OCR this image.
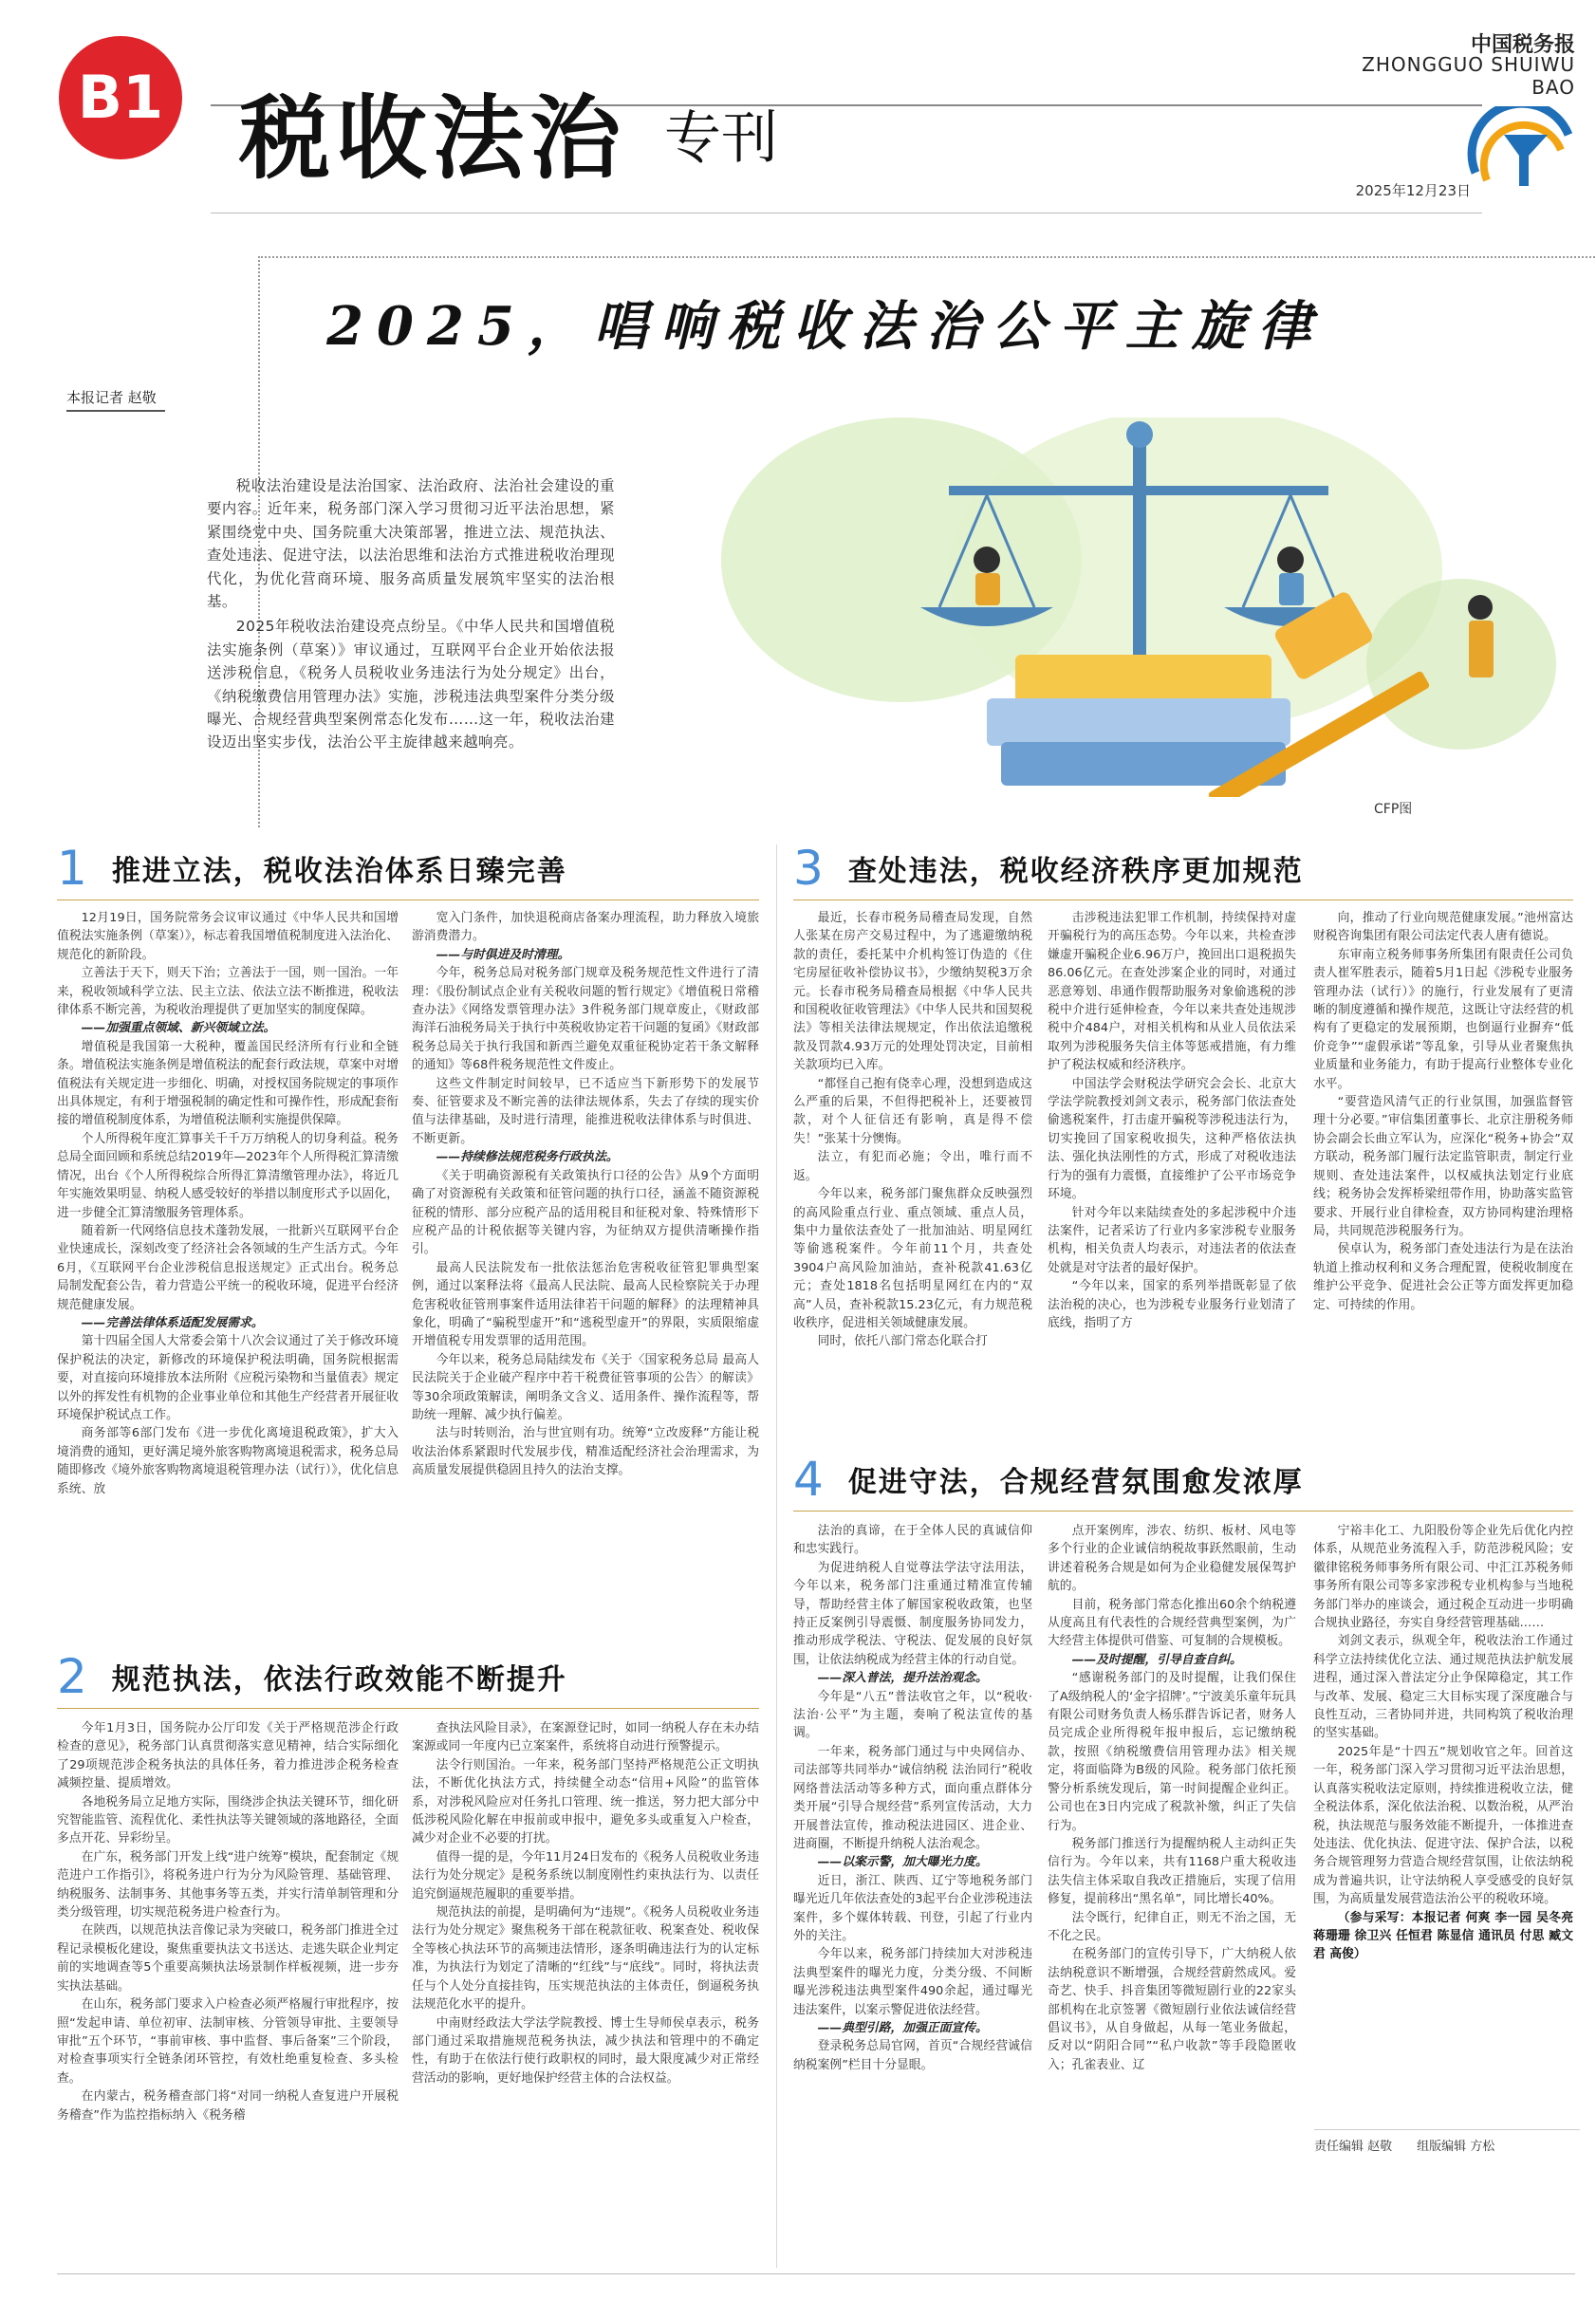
B1 税收法治 专刊
中国税务报
ZHONGGUO SHUIWU BAO
2025年12月23日
2025，唱响税收法治公平主旋律
本报记者 赵敬

税收法治建设是法治国家、法治政府、法治社会建设的重要内容。近年来，税务部门深入学习贯彻习近平法治思想，紧紧围绕党中央、国务院重大决策部署，推进立法、规范执法、查处违法、促进守法，以法治思维和法治方式推进税收治理现代化，为优化营商环境、服务高质量发展筑牢坚实的法治根基。

2025年税收法治建设亮点纷呈。《中华人民共和国增值税法实施条例（草案）》审议通过，互联网平台企业开始依法报送涉税信息，《税务人员税收业务违法行为处分规定》出台，《纳税缴费信用管理办法》实施，涉税违法典型案件分类分级曝光、合规经营典型案例常态化发布……这一年，税收法治建设迈出坚实步伐，法治公平主旋律越来越响亮。

CFP图
1 推进立法，税收法治体系日臻完善
2 规范执法，依法行政效能不断提升
3 查处违法，税收经济秩序更加规范
4 促进守法，合规经营氛围愈发浓厚

12月19日，国务院常务会议审议通过《中华人民共和国增值税法实施条例（草案）》，标志着我国增值税制度进入法治化、规范化的新阶段。

立善法于天下，则天下治；立善法于一国，则一国治。一年来，税收领域科学立法、民主立法、依法立法不断推进，税收法律体系不断完善，为税收治理提供了更加坚实的制度保障。

——加强重点领域、新兴领域立法。

增值税是我国第一大税种，覆盖国民经济所有行业和全链条。增值税法实施条例是增值税法的配套行政法规，草案中对增值税法有关规定进一步细化、明确，对授权国务院规定的事项作出具体规定，有利于增强税制的确定性和可操作性，形成配套衔接的增值税制度体系，为增值税法顺利实施提供保障。

个人所得税年度汇算事关千千万万纳税人的切身利益。税务总局全面回顾和系统总结2019年—2023年个人所得税汇算清缴情况，出台《个人所得税综合所得汇算清缴管理办法》，将近几年实施效果明显、纳税人感受较好的举措以制度形式予以固化，进一步健全汇算清缴服务管理体系。

随着新一代网络信息技术蓬勃发展，一批新兴互联网平台企业快速成长，深刻改变了经济社会各领域的生产生活方式。今年6月，《互联网平台企业涉税信息报送规定》正式出台。税务总局制发配套公告，着力营造公平统一的税收环境，促进平台经济规范健康发展。

——完善法律体系适配发展需求。

第十四届全国人大常委会第十八次会议通过了关于修改环境保护税法的决定，新修改的环境保护税法明确，国务院根据需要，对直接向环境排放本法所附《应税污染物和当量值表》规定以外的挥发性有机物的企业事业单位和其他生产经营者开展征收环境保护税试点工作。

商务部等6部门发布《进一步优化离境退税政策》，扩大入境消费的通知，更好满足境外旅客购物离境退税需求，税务总局随即修改《境外旅客购物离境退税管理办法（试行）》，优化信息系统、放

宽入门条件，加快退税商店备案办理流程，助力释放入境旅游消费潜力。

——与时俱进及时清理。

今年，税务总局对税务部门规章及税务规范性文件进行了清理：《股份制试点企业有关税收问题的暂行规定》《增值税日常稽查办法》《网络发票管理办法》3件税务部门规章废止，《财政部海洋石油税务局关于执行中英税收协定若干问题的复函》《财政部税务总局关于执行我国和新西兰避免双重征税协定若干条文解释的通知》等68件税务规范性文件废止。

这些文件制定时间较早，已不适应当下新形势下的发展节奏、征管要求及不断完善的法律法规体系，失去了存续的现实价值与法律基础，及时进行清理，能推进税收法律体系与时俱进、不断更新。

——持续修法规范税务行政执法。

《关于明确资源税有关政策执行口径的公告》从9个方面明确了对资源税有关政策和征管问题的执行口径，涵盖不随资源税征税的情形、部分应税产品的适用税目和征税对象、特殊情形下应税产品的计税依据等关键内容，为征纳双方提供清晰操作指引。

最高人民法院发布一批依法惩治危害税收征管犯罪典型案例，通过以案释法将《最高人民法院、最高人民检察院关于办理危害税收征管刑事案件适用法律若干问题的解释》的法理精神具象化，明确了“骗税型虚开”和“逃税型虚开”的界限，实质限缩虚开增值税专用发票罪的适用范围。

今年以来，税务总局陆续发布《关于〈国家税务总局 最高人民法院关于企业破产程序中若干税费征管事项的公告〉的解读》等30余项政策解读，阐明条文含义、适用条件、操作流程等，帮助统一理解、减少执行偏差。

法与时转则治，治与世宜则有功。统筹“立改废释”方能让税收法治体系紧跟时代发展步伐，精准适配经济社会治理需求，为高质量发展提供稳固且持久的法治支撑。

今年1月3日，国务院办公厅印发《关于严格规范涉企行政检查的意见》，税务部门认真贯彻落实意见精神，结合实际细化了29项规范涉企税务执法的具体任务，着力推进涉企税务检查减频控量、提质增效。

各地税务局立足地方实际，围绕涉企执法关键环节，细化研究智能监管、流程优化、柔性执法等关键领域的落地路径，全面多点开花、异彩纷呈。

在广东，税务部门开发上线“进户统筹”模块，配套制定《规范进户工作指引》，将税务进户行为分为风险管理、基础管理、纳税服务、法制事务、其他事务等五类，并实行清单制管理和分类分级管理，切实规范税务进户检查行为。

在陕西，以规范执法音像记录为突破口，税务部门推进全过程记录模板化建设，聚焦重要执法文书送达、走逃失联企业判定前的实地调查等5个重要高频执法场景制作样板视频，进一步夯实执法基础。

在山东，税务部门要求入户检查必须严格履行审批程序，按照“发起申请、单位初审、法制审核、分管领导审批、主要领导审批”五个环节，“事前审核、事中监督、事后备案”三个阶段，对检查事项实行全链条闭环管控，有效杜绝重复检查、多头检查。

在内蒙古，税务稽查部门将“对同一纳税人查复进户开展税务稽查”作为监控指标纳入《税务稽

查执法风险目录》，在案源登记时，如同一纳税人存在未办结案源或同一年度内已立案案件，系统将自动进行预警提示。

法令行则国治。一年来，税务部门坚持严格规范公正文明执法，不断优化执法方式，持续健全动态“信用+风险”的监管体系，对涉税风险应对任务扎口管理、统一推送，努力把大部分中低涉税风险化解在申报前或申报中，避免多头或重复入户检查，减少对企业不必要的打扰。

值得一提的是，今年11月24日发布的《税务人员税收业务违法行为处分规定》是税务系统以制度刚性约束执法行为、以责任追究倒逼规范履职的重要举措。

规范执法的前提，是明确何为“违规”。《税务人员税收业务违法行为处分规定》聚焦税务干部在税款征收、税案查处、税收保全等核心执法环节的高频违法情形，逐条明确违法行为的认定标准，为执法行为划定了清晰的“红线”与“底线”。同时，将执法责任与个人处分直接挂钩，压实规范执法的主体责任，倒逼税务执法规范化水平的提升。

中南财经政法大学法学院教授、博士生导师侯卓表示，税务部门通过采取措施规范税务执法，减少执法和管理中的不确定性，有助于在依法行使行政职权的同时，最大限度减少对正常经营活动的影响，更好地保护经营主体的合法权益。

最近，长春市税务局稽查局发现，自然人张某在房产交易过程中，为了逃避缴纳税款的责任，委托某中介机构签订伪造的《住宅房屋征收补偿协议书》，少缴纳契税3万余元。长春市税务局稽查局根据《中华人民共和国税收征收管理法》《中华人民共和国契税法》等相关法律法规规定，作出依法追缴税款及罚款4.93万元的处理处罚决定，目前相关款项均已入库。

“都怪自己抱有侥幸心理，没想到造成这么严重的后果，不但得把税补上，还要被罚款，对个人征信还有影响，真是得不偿失！”张某十分懊悔。

法立，有犯而必施；令出，唯行而不返。

今年以来，税务部门聚焦群众反映强烈的高风险重点行业、重点领域、重点人员，集中力量依法查处了一批加油站、明星网红等偷逃税案件。今年前11个月，共查处3904户高风险加油站，查补税款41.63亿元；查处1818名包括明星网红在内的“双高”人员，查补税款15.23亿元，有力规范税收秩序，促进相关领域健康发展。

同时，依托八部门常态化联合打

击涉税违法犯罪工作机制，持续保持对虚开骗税行为的高压态势。今年以来，共检查涉嫌虚开骗税企业6.96万户，挽回出口退税损失86.06亿元。在查处涉案企业的同时，对通过恶意筹划、串通作假帮助服务对象偷逃税的涉税中介进行延伸检查，今年以来共查处违规涉税中介484户，对相关机构和从业人员依法采取列为涉税服务失信主体等惩戒措施，有力维护了税法权威和经济秩序。

中国法学会财税法学研究会会长、北京大学法学院教授刘剑文表示，税务部门依法查处偷逃税案件，打击虚开骗税等涉税违法行为，切实挽回了国家税收损失，这种严格依法执法、强化执法刚性的方式，形成了对税收违法行为的强有力震慑，直接维护了公平市场竞争环境。

针对今年以来陆续查处的多起涉税中介违法案件，记者采访了行业内多家涉税专业服务机构，相关负责人均表示，对违法者的依法查处就是对守法者的最好保护。

“今年以来，国家的系列举措既彰显了依法治税的决心，也为涉税专业服务行业划清了底线，指明了方

向，推动了行业向规范健康发展。”池州富达财税咨询集团有限公司法定代表人唐有德说。

东审南立税务师事务所集团有限责任公司负责人崔军胜表示，随着5月1日起《涉税专业服务管理办法（试行）》的施行，行业发展有了更清晰的制度遵循和操作规范，这既让守法经营的机构有了更稳定的发展预期，也倒逼行业摒弃“低价竞争”“虚假承诺”等乱象，引导从业者聚焦执业质量和业务能力，有助于提高行业整体专业化水平。

“要营造风清气正的行业氛围，加强监督管理十分必要。”审信集团董事长、北京注册税务师协会副会长曲立军认为，应深化“税务+协会”双方联动，税务部门履行法定监管职责，制定行业规则、查处违法案件，以权威执法划定行业底线；税务协会发挥桥梁纽带作用，协助落实监管要求、开展行业自律检查，双方协同构建治理格局，共同规范涉税服务行为。

侯卓认为，税务部门查处违法行为是在法治轨道上推动权利和义务合理配置，使税收制度在维护公平竞争、促进社会公正等方面发挥更加稳定、可持续的作用。

法治的真谛，在于全体人民的真诚信仰和忠实践行。

为促进纳税人自觉尊法学法守法用法，今年以来，税务部门注重通过精准宣传辅导，帮助经营主体了解国家税收政策，也坚持正反案例引导震慑、制度服务协同发力，推动形成学税法、守税法、促发展的良好氛围，让依法纳税成为经营主体的行动自觉。

——深入普法，提升法治观念。

今年是“八五”普法收官之年，以“税收·法治·公平”为主题，奏响了税法宣传的基调。

一年来，税务部门通过与中央网信办、司法部等共同举办“诚信纳税 法治同行”税收网络普法活动等多种方式，面向重点群体分类开展“引导合规经营”系列宣传活动，大力开展普法宣传，推动税法进园区、进企业、进商圈，不断提升纳税人法治观念。

——以案示警，加大曝光力度。

近日，浙江、陕西、辽宁等地税务部门曝光近几年依法查处的3起平台企业涉税违法案件，多个媒体转载、刊登，引起了行业内外的关注。

今年以来，税务部门持续加大对涉税违法典型案件的曝光力度，分类分级、不间断曝光涉税违法典型案件490余起，通过曝光违法案件，以案示警促进依法经营。

——典型引路，加强正面宣传。

登录税务总局官网，首页“合规经营诚信纳税案例”栏目十分显眼。

点开案例库，涉农、纺织、板材、风电等多个行业的企业诚信纳税故事跃然眼前，生动讲述着税务合规是如何为企业稳健发展保驾护航的。

目前，税务部门常态化推出60余个纳税遵从度高且有代表性的合规经营典型案例，为广大经营主体提供可借鉴、可复制的合规模板。

——及时提醒，引导自查自纠。

“感谢税务部门的及时提醒，让我们保住了A级纳税人的‘金字招牌’。”宁波美乐童年玩具有限公司财务负责人杨乐群告诉记者，财务人员完成企业所得税年报申报后，忘记缴纳税款，按照《纳税缴费信用管理办法》相关规定，将面临降为B级的风险。税务部门依托预警分析系统发现后，第一时间提醒企业纠正。公司也在3日内完成了税款补缴，纠正了失信行为。

税务部门推送行为提醒纳税人主动纠正失信行为。今年以来，共有1168户重大税收违法失信主体采取自我改正措施后，实现了信用修复，提前移出“黑名单”，同比增长40%。

法令既行，纪律自正，则无不治之国，无不化之民。

在税务部门的宣传引导下，广大纳税人依法纳税意识不断增强，合规经营蔚然成风。爱奇艺、快手、抖音集团等微短剧行业的22家头部机构在北京签署《微短剧行业依法诚信经营倡议书》，从自身做起，从每一笔业务做起，反对以“阴阳合同”“私户收款”等手段隐匿收入；孔雀表业、辽

宁裕丰化工、九阳股份等企业先后优化内控体系，从规范业务流程入手，防范涉税风险；安徽律铭税务师事务所有限公司、中汇江苏税务师事务所有限公司等多家涉税专业机构参与当地税务部门举办的座谈会，通过税企互动进一步明确合规执业路径，夯实自身经营管理基础……

刘剑文表示，纵观全年，税收法治工作通过科学立法持续优化立法、通过规范执法护航发展进程，通过深入普法定分止争保障稳定，其工作与改革、发展、稳定三大目标实现了深度融合与良性互动，三者协同并进，共同构筑了税收治理的坚实基础。

2025年是“十四五”规划收官之年。回首这一年，税务部门深入学习贯彻习近平法治思想，认真落实税收法定原则，持续推进税收立法，健全税法体系，深化依法治税、以数治税，从严治税，执法规范与服务效能不断提升，一体推进查处违法、优化执法、促进守法、保护合法，以税务合规管理努力营造合规经营氛围，让依法纳税成为普遍共识，让守法纳税人享受感受的良好氛围，为高质量发展营造法治公平的税收环境。

（参与采写：本报记者 何爽 李一园 吴冬亮 蒋珊珊 徐卫兴 任恒君 陈显信 通讯员 付思 臧文君 高俊）

责任编辑 赵敬　　组版编辑 方松
